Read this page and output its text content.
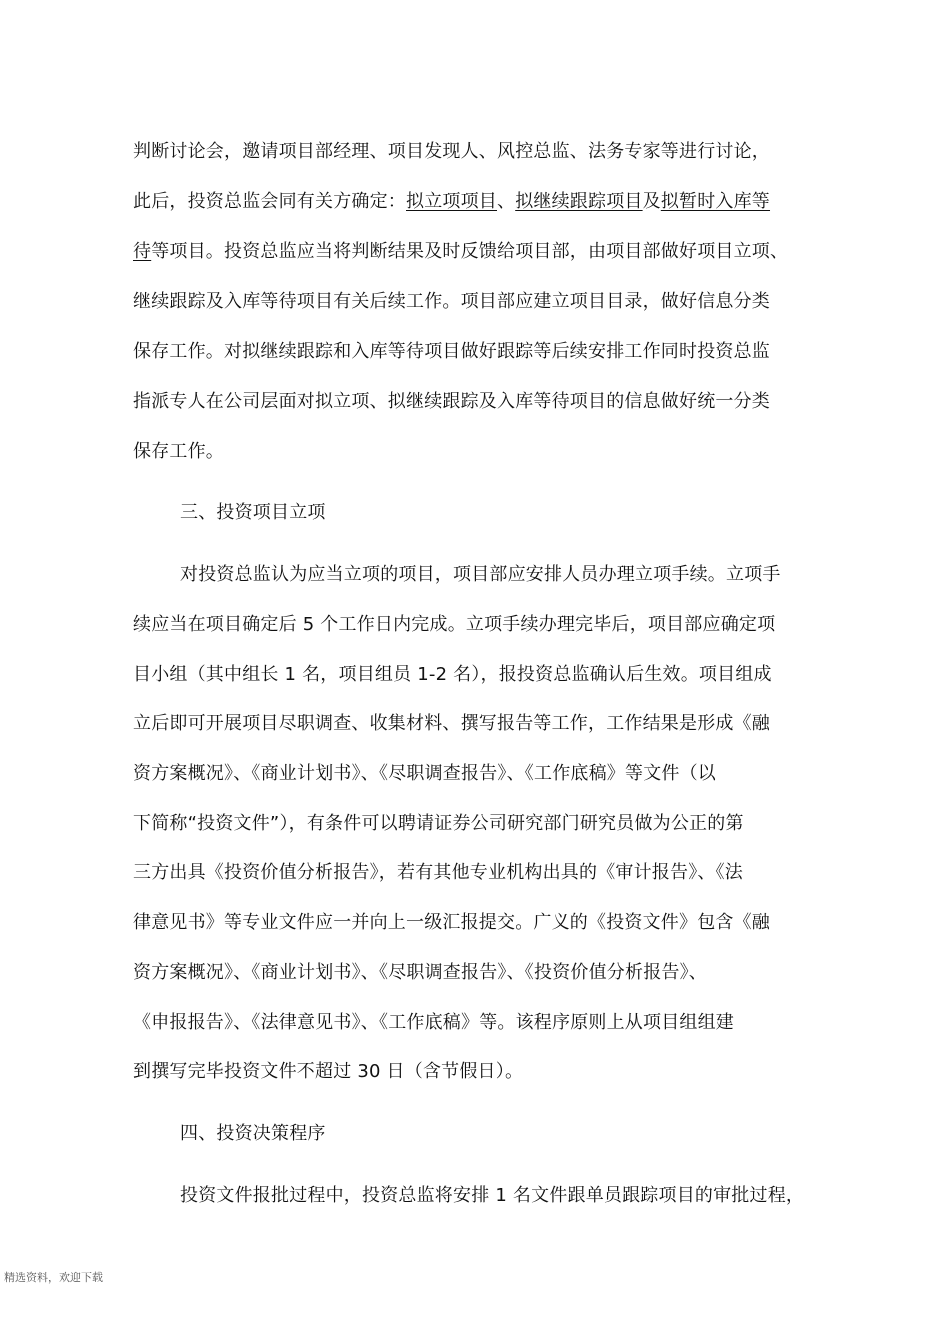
判断讨论会，邀请项目部经理、项目发现人、风控总监、法务专家等进行讨论，
此后，投资总监会同有关方确定：拟立项项目、拟继续跟踪项目及拟暂时入库等
待等项目。投资总监应当将判断结果及时反馈给项目部，由项目部做好项目立项、
继续跟踪及入库等待项目有关后续工作。项目部应建立项目目录，做好信息分类
保存工作。对拟继续跟踪和入库等待项目做好跟踪等后续安排工作同时投资总监
指派专人在公司层面对拟立项、拟继续跟踪及入库等待项目的信息做好统一分类
保存工作。
三、投资项目立项
对投资总监认为应当立项的项目，项目部应安排人员办理立项手续。立项手
续应当在项目确定后 5 个工作日内完成。立项手续办理完毕后，项目部应确定项
目小组（其中组长 1 名，项目组员 1-2 名），报投资总监确认后生效。项目组成
立后即可开展项目尽职调查、收集材料、撰写报告等工作，工作结果是形成《融
资方案概况》、《商业计划书》、《尽职调查报告》、《工作底稿》等文件（以
下简称“投资文件”），有条件可以聘请证券公司研究部门研究员做为公正的第
三方出具《投资价值分析报告》，若有其他专业机构出具的《审计报告》、《法
律意见书》等专业文件应一并向上一级汇报提交。广义的《投资文件》包含《融
资方案概况》、《商业计划书》、《尽职调查报告》、《投资价值分析报告》、
《申报报告》、《法律意见书》、《工作底稿》等。该程序原则上从项目组组建
到撰写完毕投资文件不超过 30 日（含节假日）。
四、投资决策程序
投资文件报批过程中，投资总监将安排 1 名文件跟单员跟踪项目的审批过程，
精选资料，欢迎下载
